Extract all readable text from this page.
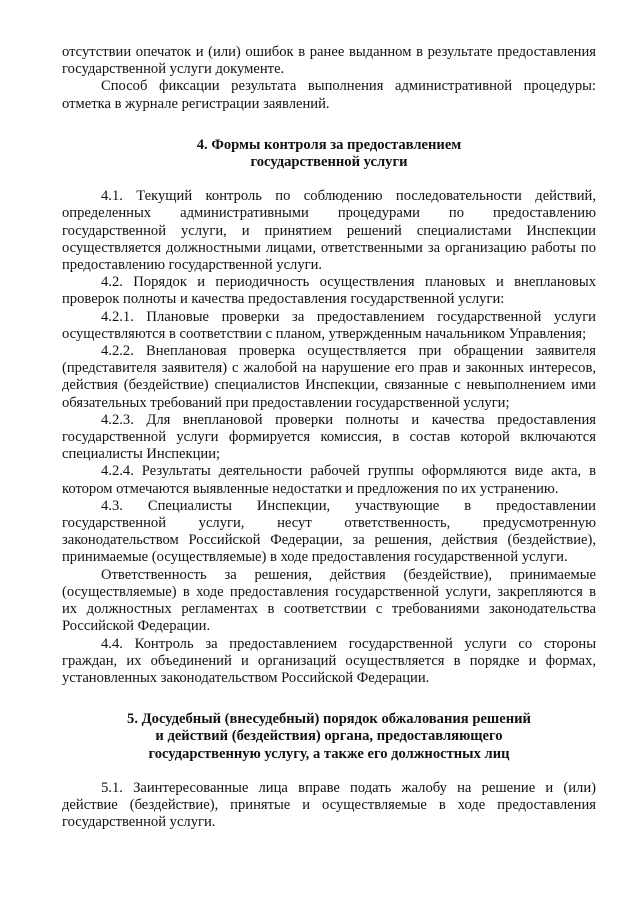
отсутствии опечаток и (или) ошибок в ранее выданном в результате предоставления государственной услуги документе.

Способ фиксации результата выполнения административной процедуры: отметка в журнале регистрации заявлений.

4. Формы контроля за предоставлением
государственной услуги

4.1. Текущий контроль по соблюдению последовательности действий, определенных административными процедурами по предоставлению государственной услуги, и принятием решений специалистами Инспекции осуществляется должностными лицами, ответственными за организацию работы по предоставлению государственной услуги.

4.2. Порядок и периодичность осуществления плановых и внеплановых проверок полноты и качества предоставления государственной услуги:

4.2.1. Плановые проверки за предоставлением государственной услуги осуществляются в соответствии с планом, утвержденным начальником Управления;

4.2.2. Внеплановая проверка осуществляется при обращении заявителя (представителя заявителя) с жалобой на нарушение его прав и законных интересов, действия (бездействие) специалистов Инспекции, связанные с невыполнением ими обязательных требований при предоставлении государственной услуги;

4.2.3. Для внеплановой проверки полноты и качества предоставления государственной услуги формируется комиссия, в состав которой включаются специалисты Инспекции;

4.2.4. Результаты деятельности рабочей группы оформляются виде акта, в котором отмечаются выявленные недостатки и предложения по их устранению.

4.3. Специалисты Инспекции, участвующие в предоставлении государственной услуги, несут ответственность, предусмотренную законодательством Российской Федерации, за решения, действия (бездействие), принимаемые (осуществляемые) в ходе предоставления государственной услуги.

Ответственность за решения, действия (бездействие), принимаемые (осуществляемые) в ходе предоставления государственной услуги, закрепляются в их должностных регламентах в соответствии с требованиями законодательства Российской Федерации.

4.4. Контроль за предоставлением государственной услуги со стороны граждан, их объединений и организаций осуществляется в порядке и формах, установленных законодательством Российской Федерации.

5. Досудебный (внесудебный) порядок обжалования решений
и действий (бездействия) органа, предоставляющего
государственную услугу, а также его должностных лиц

5.1. Заинтересованные лица вправе подать жалобу на решение и (или) действие (бездействие), принятые и осуществляемые в ходе предоставления государственной услуги.
